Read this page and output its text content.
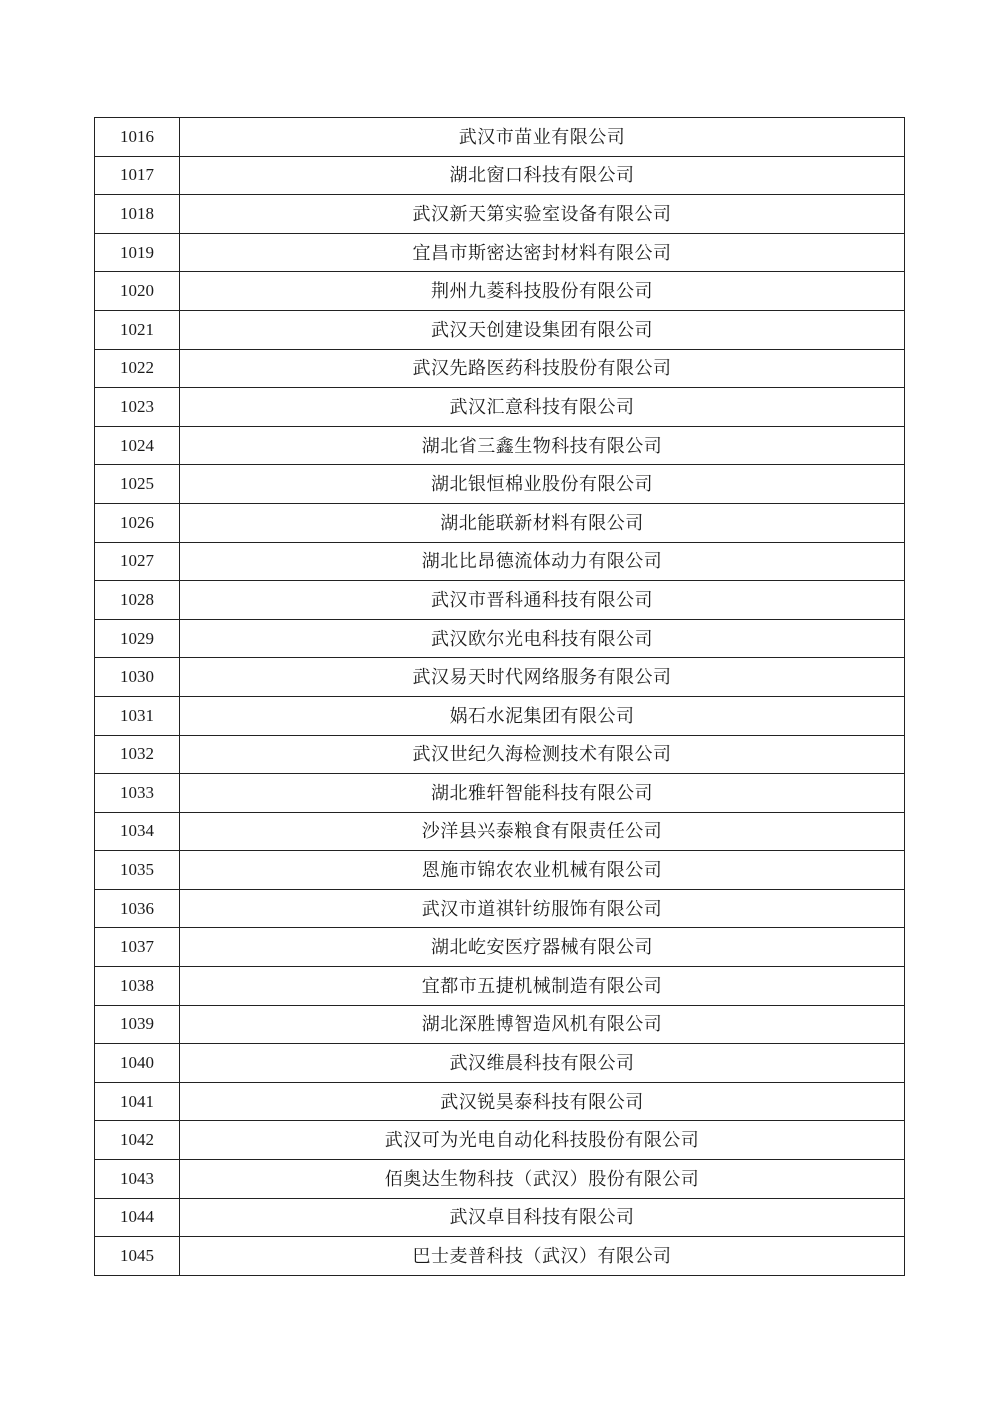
1016	武汉市苗业有限公司
1017	湖北窗口科技有限公司
1018	武汉新天第实验室设备有限公司
1019	宜昌市斯密达密封材料有限公司
1020	荆州九菱科技股份有限公司
1021	武汉天创建设集团有限公司
1022	武汉先路医药科技股份有限公司
1023	武汉汇意科技有限公司
1024	湖北省三鑫生物科技有限公司
1025	湖北银恒棉业股份有限公司
1026	湖北能联新材料有限公司
1027	湖北比昂德流体动力有限公司
1028	武汉市晋科通科技有限公司
1029	武汉欧尔光电科技有限公司
1030	武汉易天时代网络服务有限公司
1031	娲石水泥集团有限公司
1032	武汉世纪久海检测技术有限公司
1033	湖北雅轩智能科技有限公司
1034	沙洋县兴泰粮食有限责任公司
1035	恩施市锦农农业机械有限公司
1036	武汉市道祺针纺服饰有限公司
1037	湖北屹安医疗器械有限公司
1038	宜都市五捷机械制造有限公司
1039	湖北深胜博智造风机有限公司
1040	武汉维晨科技有限公司
1041	武汉锐昊泰科技有限公司
1042	武汉可为光电自动化科技股份有限公司
1043	佰奥达生物科技（武汉）股份有限公司
1044	武汉卓目科技有限公司
1045	巴士麦普科技（武汉）有限公司
